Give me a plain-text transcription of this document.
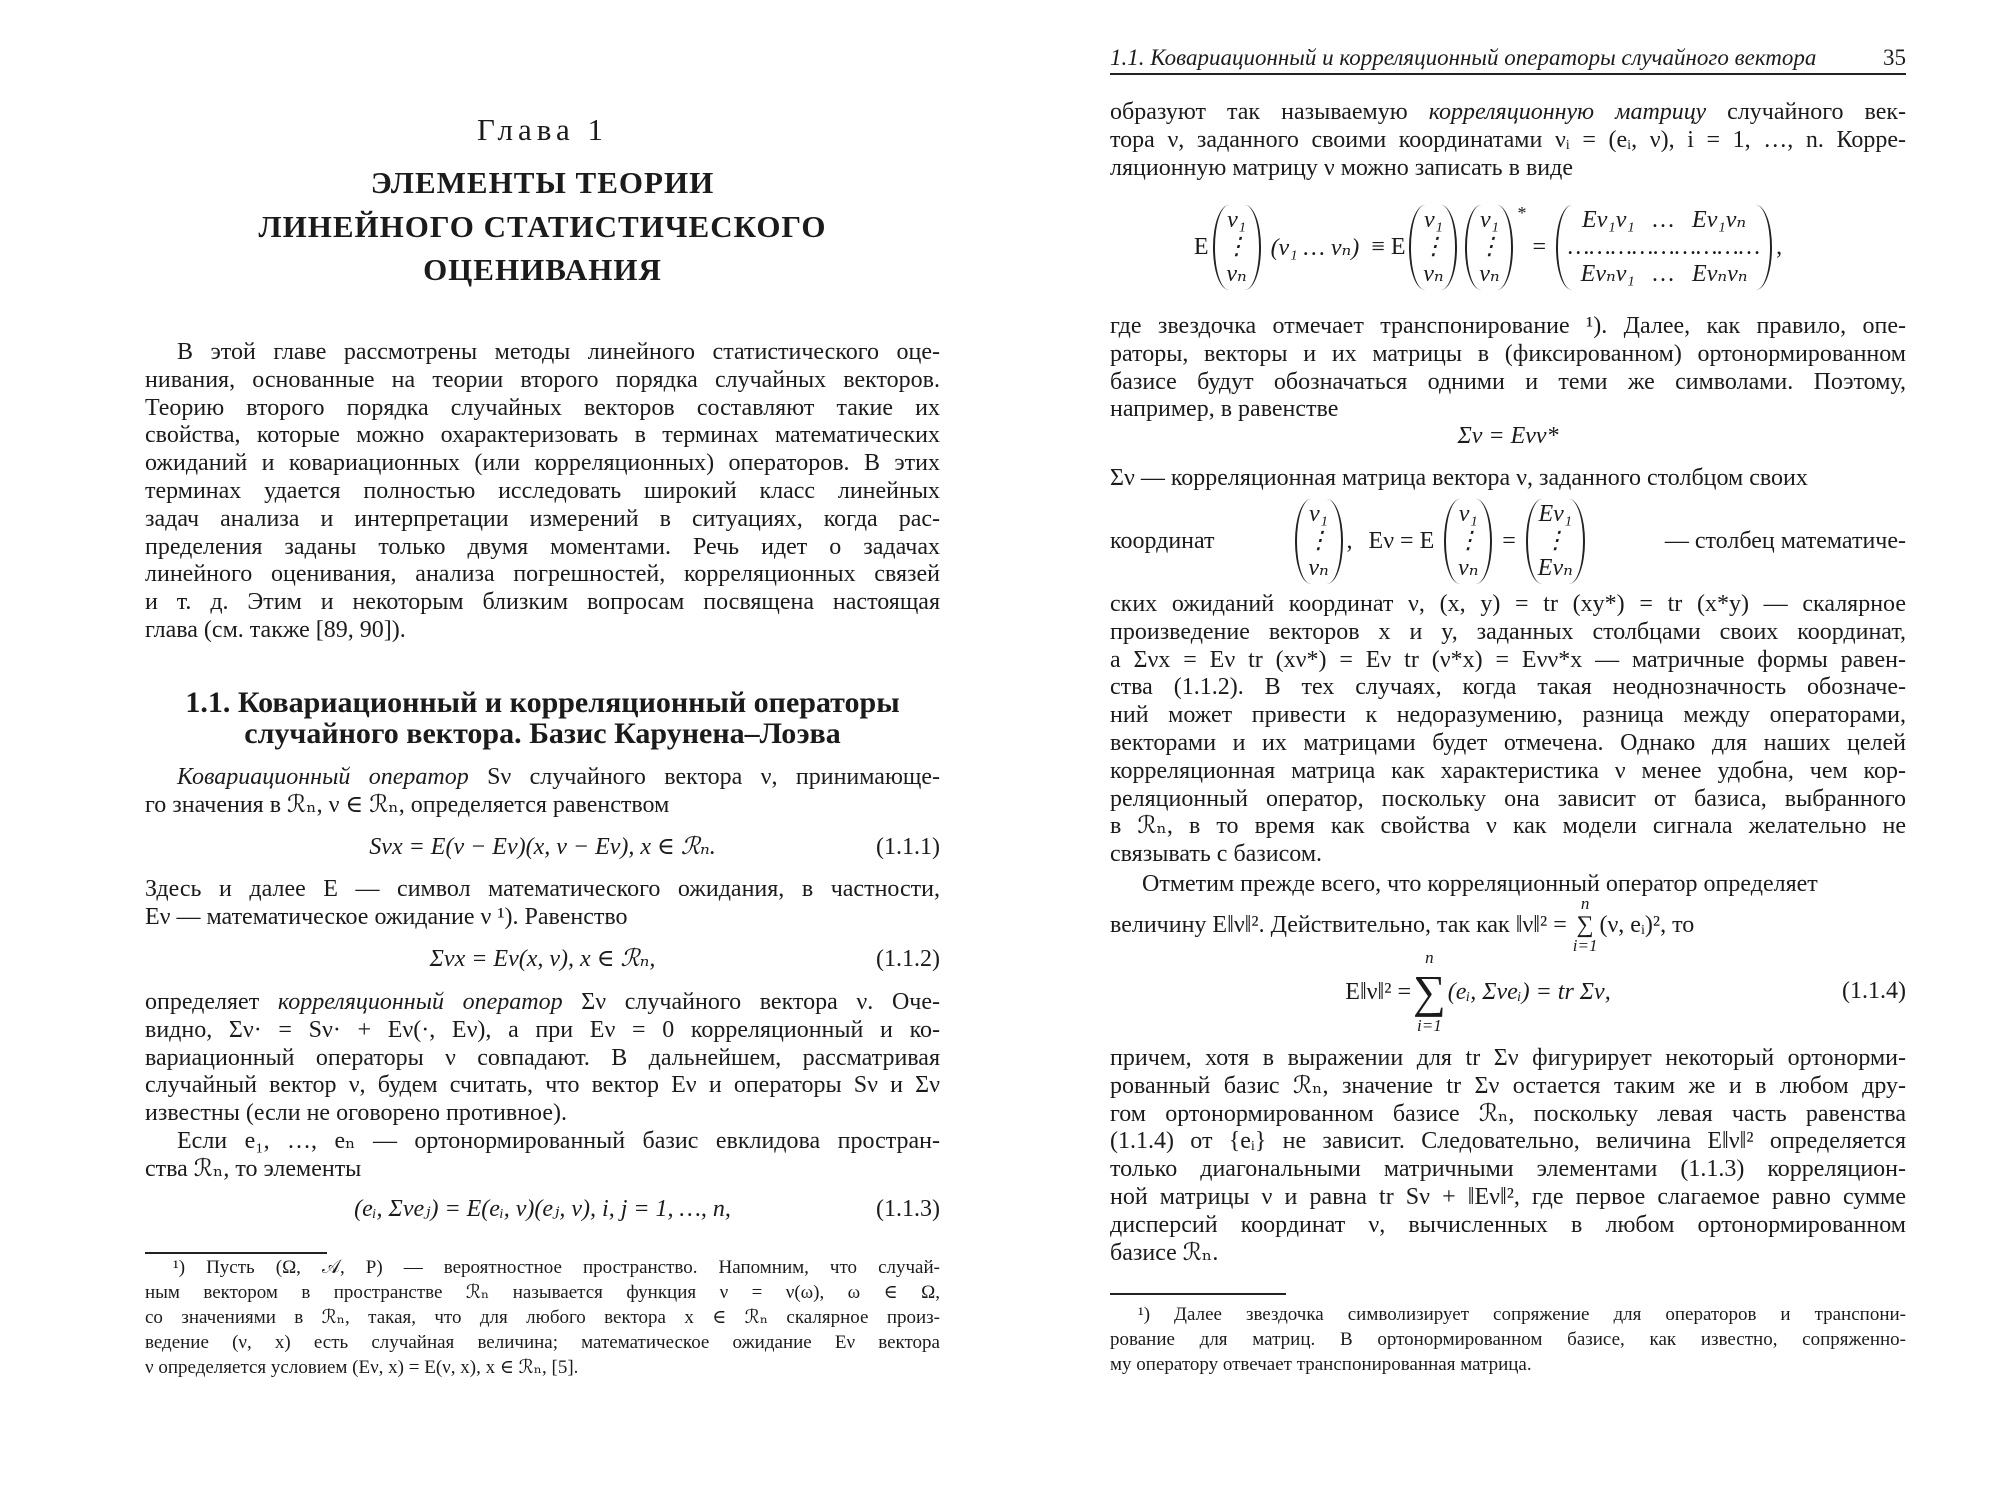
Глава 1
ЭЛЕМЕНТЫ ТЕОРИИ
ЛИНЕЙНОГО СТАТИСТИЧЕСКОГО
ОЦЕНИВАНИЯ
В этой главе рассмотрены методы линейного статистического оце-
нивания, основанные на теории второго порядка случайных векторов.
Теорию второго порядка случайных векторов составляют такие их
свойства, которые можно охарактеризовать в терминах математических
ожиданий и ковариационных (или корреляционных) операторов. В этих
терминах удается полностью исследовать широкий класс линейных
задач анализа и интерпретации измерений в ситуациях, когда рас-
пределения заданы только двумя моментами. Речь идет о задачах
линейного оценивания, анализа погрешностей, корреляционных связей
и т. д. Этим и некоторым близким вопросам посвящена настоящая
глава (см. также [89, 90]).
1.1. Ковариационный и корреляционный операторы
случайного вектора. Базис Карунена–Лоэва
Ковариационный оператор Sν случайного вектора ν, принимающе-
го значения в ℛₙ, ν ∈ ℛₙ, определяется равенством
Sνx = E(ν − Eν)(x, ν − Eν), x ∈ ℛₙ.	(1.1.1)
Здесь и далее E — символ математического ожидания, в частности,
Eν — математическое ожидание ν ¹). Равенство
Σνx = Eν(x, ν), x ∈ ℛₙ,	(1.1.2)
определяет корреляционный оператор Σν случайного вектора ν. Оче-
видно, Σν· = Sν· + Eν(·, Eν), а при Eν = 0 корреляционный и ко-
вариационный операторы ν совпадают. В дальнейшем, рассматривая
случайный вектор ν, будем считать, что вектор Eν и операторы Sν и Σν
известны (если не оговорено противное).
Если e₁, …, eₙ — ортонормированный базис евклидова простран-
ства ℛₙ, то элементы
(eᵢ, Σνeⱼ) = E(eᵢ, ν)(eⱼ, ν), i, j = 1, …, n,	(1.1.3)
¹) Пусть (Ω, 𝒜, P) — вероятностное пространство. Напомним, что случай-
ным вектором в пространстве ℛₙ называется функция ν = ν(ω), ω ∈ Ω,
со значениями в ℛₙ, такая, что для любого вектора x ∈ ℛₙ скалярное произ-
ведение (ν, x) есть случайная величина; математическое ожидание Eν вектора
ν определяется условием (Eν, x) = E(ν, x), x ∈ ℛₙ, [5].
1.1. Ковариационный и корреляционный операторы случайного вектора	35
образуют так называемую корреляционную матрицу случайного век-
тора ν, заданного своими координатами νᵢ = (eᵢ, ν), i = 1, …, n. Корре-
ляционную матрицу ν можно записать в виде
E
ν₁
⋮
νₙ
(ν₁ … νₙ) ≡ E
ν₁
⋮
νₙ
ν₁
⋮
νₙ
*
=
Eν₁ν₁ … Eν₁νₙ
………………………
Eνₙν₁ … Eνₙνₙ
,
где звездочка отмечает транспонирование ¹). Далее, как правило, опе-
раторы, векторы и их матрицы в (фиксированном) ортонормированном
базисе будут обозначаться одними и теми же символами. Поэтому,
например, в равенстве
Σν = Eνν*
Σν — корреляционная матрица вектора ν, заданного столбцом своих
координат
ν₁
⋮
νₙ
, Eν = E
ν₁
⋮
νₙ
=
Eν₁
⋮
Eνₙ
— столбец математиче-
ских ожиданий координат ν, (x, y) = tr (xy*) = tr (x*y) — скалярное
произведение векторов x и y, заданных столбцами своих координат,
а Σνx = Eν tr (xν*) = Eν tr (ν*x) = Eνν*x — матричные формы равен-
ства (1.1.2). В тех случаях, когда такая неоднозначность обозначе-
ний может привести к недоразумению, разница между операторами,
векторами и их матрицами будет отмечена. Однако для наших целей
корреляционная матрица как характеристика ν менее удобна, чем кор-
реляционный оператор, поскольку она зависит от базиса, выбранного
в ℛₙ, в то время как свойства ν как модели сигнала желательно не
связывать с базисом.
Отметим прежде всего, что корреляционный оператор определяет
величину E‖ν‖². Действительно, так как ‖ν‖² =
n
∑
i=1
(ν, eᵢ)², то
E‖ν‖² =
n
∑
i=1
(eᵢ, Σνeᵢ) = tr Σν,	(1.1.4)
причем, хотя в выражении для tr Σν фигурирует некоторый ортонорми-
рованный базис ℛₙ, значение tr Σν остается таким же и в любом дру-
гом ортонормированном базисе ℛₙ, поскольку левая часть равенства
(1.1.4) от {eᵢ} не зависит. Следовательно, величина E‖ν‖² определяется
только диагональными матричными элементами (1.1.3) корреляцион-
ной матрицы ν и равна tr Sν + ‖Eν‖², где первое слагаемое равно сумме
дисперсий координат ν, вычисленных в любом ортонормированном
базисе ℛₙ.
¹) Далее звездочка символизирует сопряжение для операторов и транспони-
рование для матриц. В ортонормированном базисе, как известно, сопряженно-
му оператору отвечает транспонированная матрица.
